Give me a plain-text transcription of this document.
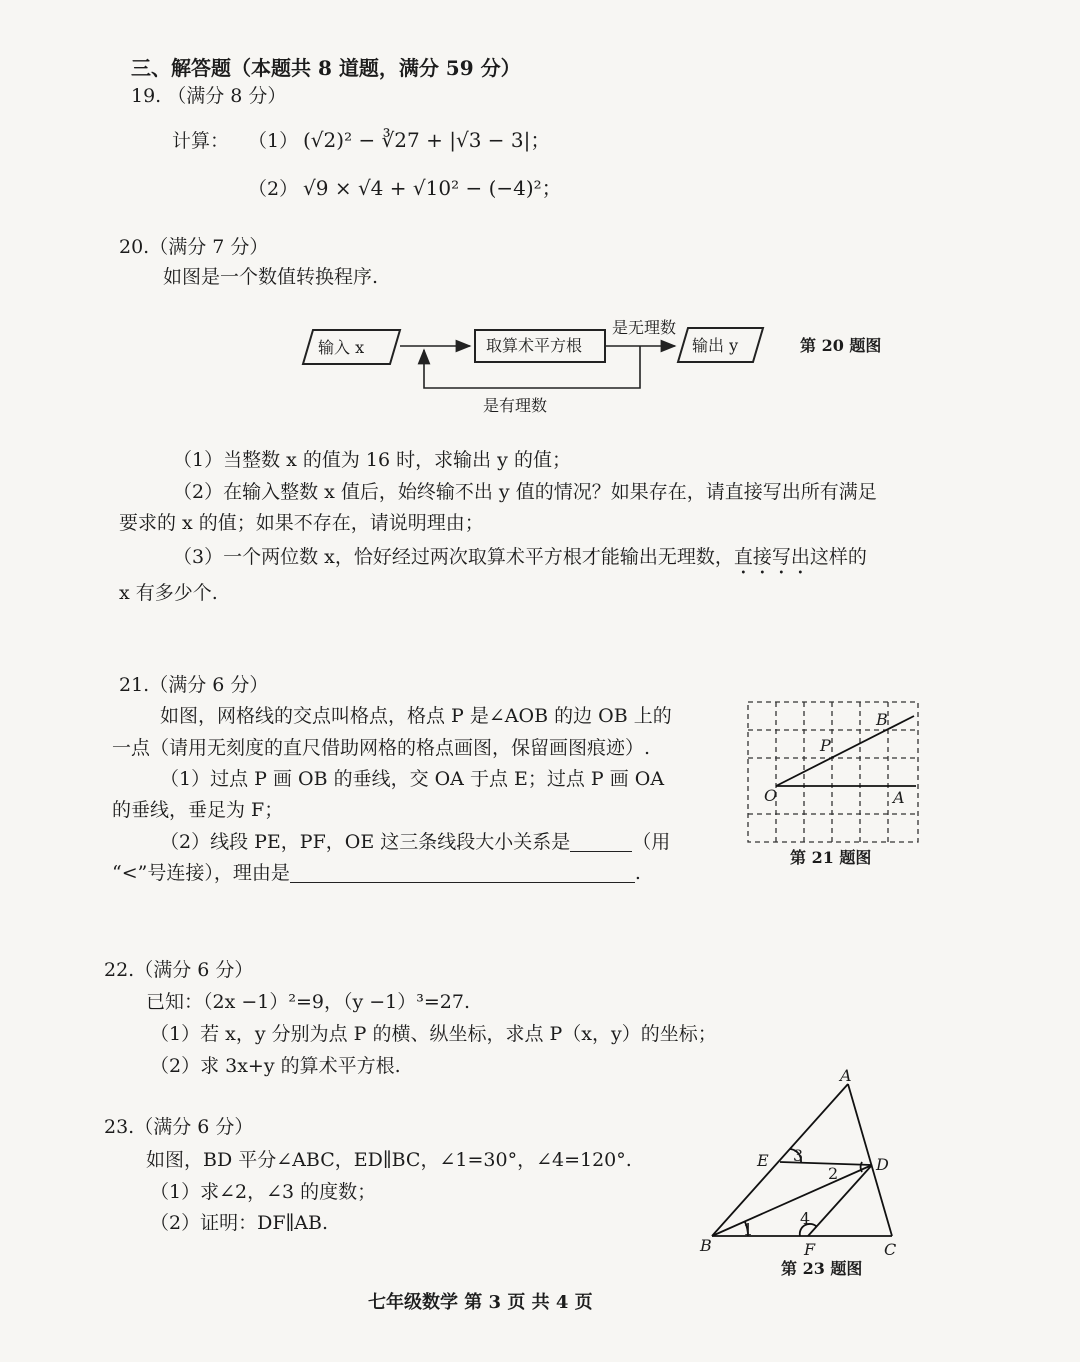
三、解答题（本题共 8 道题，满分 59 分）
19. （满分 8 分）
计算： （1） (√2)² − ∛27 + |√3 − 3|；
（2） √9 × √4 + √10² − (−4)²；
20.（满分 7 分）
如图是一个数值转换程序.
输入 x	取算术平方根	输出 y
是无理数
是有理数
第 20 题图
（1）当整数 x 的值为 16 时，求输出 y 的值；
（2）在输入整数 x 值后，始终输不出 y 值的情况？如果存在，请直接写出所有满足
要求的 x 的值；如果不存在，请说明理由；
（3）一个两位数 x，恰好经过两次取算术平方根才能输出无理数，直接写出这样的
x 有多少个.
21.（满分 6 分）
如图，网格线的交点叫格点，格点 P 是∠AOB 的边 OB 上的
一点（请用无刻度的直尺借助网格的格点画图，保留画图痕迹）.
（1）过点 P 画 OB 的垂线，交 OA 于点 E；过点 P 画 OA
的垂线，垂足为 F；
（2）线段 PE，PF，OE 这三条线段大小关系是	（用
“<”号连接），理由是	.
O	A
B
P
第 21 题图
22.（满分 6 分）
已知：（2x −1）²=9，（y −1）³=27.
（1）若 x，y 分别为点 P 的横、纵坐标，求点 P（x，y）的坐标；
（2）求 3x+y 的算术平方根.
23.（满分 6 分）
如图，BD 平分∠ABC，ED∥BC，∠1=30°，∠4=120°.
（1）求∠2，∠3 的度数；
（2）证明：DF∥AB.
A
E	D
B	F	C
3
2
1
4
第 23 题图
七年级数学 第 3 页 共 4 页
